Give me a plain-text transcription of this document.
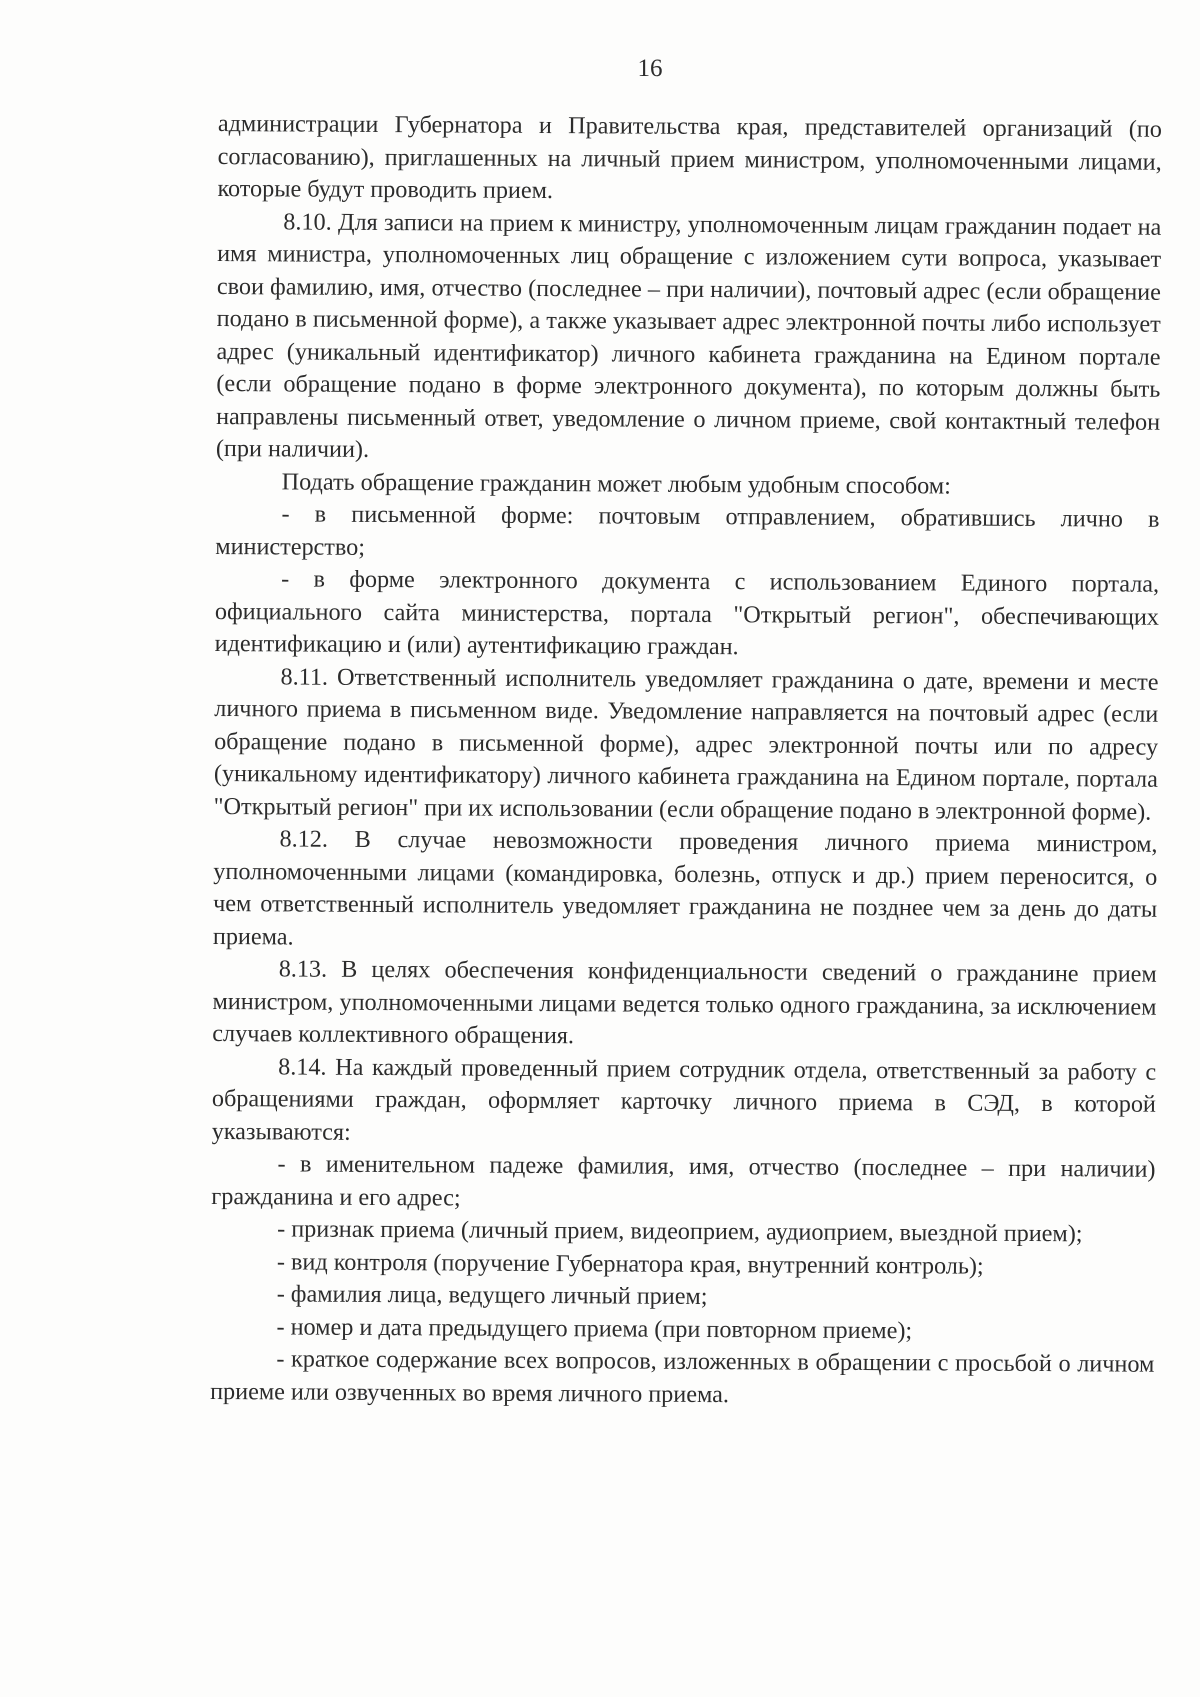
16

администрации Губернатора и Правительства края, представителей организаций (по согласованию), приглашенных на личный прием министром, уполномоченными лицами, которые будут проводить прием.

8.10. Для записи на прием к министру, уполномоченным лицам гражданин подает на имя министра, уполномоченных лиц обращение с изложением сути вопроса, указывает свои фамилию, имя, отчество (последнее – при наличии), почтовый адрес (если обращение подано в письменной форме), а также указывает адрес электронной почты либо использует адрес (уникальный идентификатор) личного кабинета гражданина на Едином портале (если обращение подано в форме электронного документа), по которым должны быть направлены письменный ответ, уведомление о личном приеме, свой контактный телефон (при наличии).

Подать обращение гражданин может любым удобным способом:

- в письменной форме: почтовым отправлением, обратившись лично в министерство;

- в форме электронного документа с использованием Единого портала, официального сайта министерства, портала "Открытый регион", обеспечивающих идентификацию и (или) аутентификацию граждан.

8.11. Ответственный исполнитель уведомляет гражданина о дате, времени и месте личного приема в письменном виде. Уведомление направляется на почтовый адрес (если обращение подано в письменной форме), адрес электронной почты или по адресу (уникальному идентификатору) личного кабинета гражданина на Едином портале, портала "Открытый регион" при их использовании (если обращение подано в электронной форме).

8.12. В случае невозможности проведения личного приема министром, уполномоченными лицами (командировка, болезнь, отпуск и др.) прием переносится, о чем ответственный исполнитель уведомляет гражданина не позднее чем за день до даты приема.

8.13. В целях обеспечения конфиденциальности сведений о гражданине прием министром, уполномоченными лицами ведется только одного гражданина, за исключением случаев коллективного обращения.

8.14. На каждый проведенный прием сотрудник отдела, ответственный за работу с обращениями граждан, оформляет карточку личного приема в СЭД, в которой указываются:

- в именительном падеже фамилия, имя, отчество (последнее – при наличии) гражданина и его адрес;

- признак приема (личный прием, видеоприем, аудиоприем, выездной прием);

- вид контроля (поручение Губернатора края, внутренний контроль);

- фамилия лица, ведущего личный прием;

- номер и дата предыдущего приема (при повторном приеме);

- краткое содержание всех вопросов, изложенных в обращении с просьбой о личном приеме или озвученных во время личного приема.
